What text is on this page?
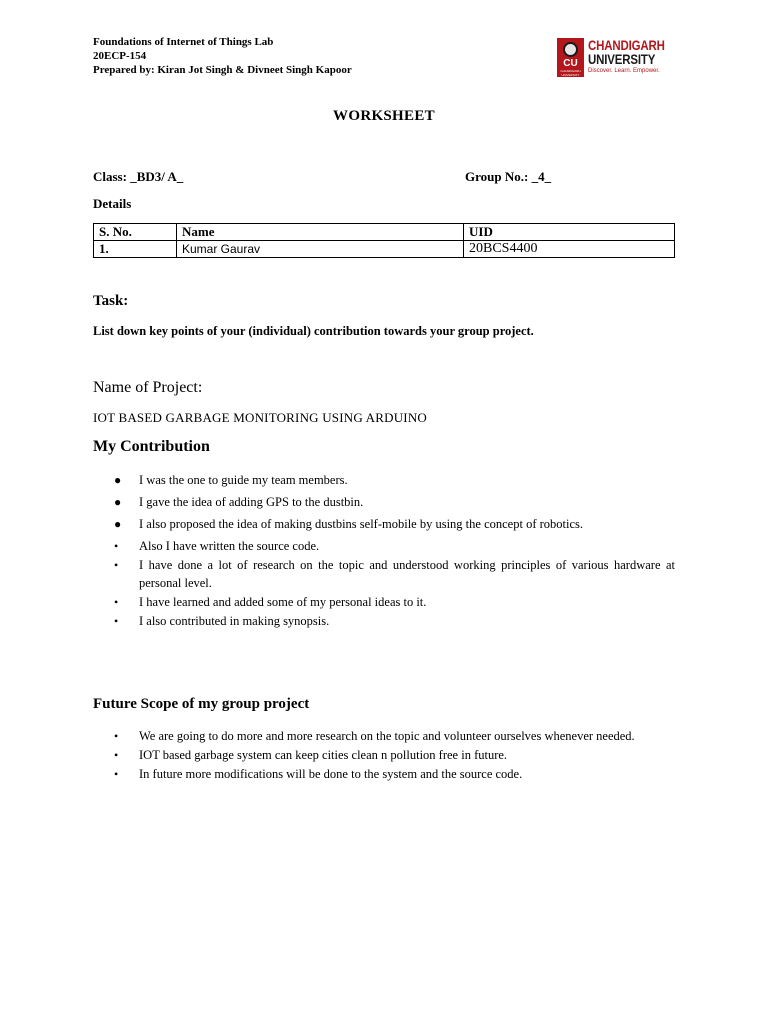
Foundations of Internet of Things Lab
20ECP-154
Prepared by: Kiran Jot Singh & Divneet Singh Kapoor
CU
CHANDIGARH UNIVERSITY
CHANDIGARH
UNIVERSITY
Discover. Learn. Empower.
WORKSHEET
Class: _BD3/ A_	Group No.: _4_
Details
S. No.	Name	UID
1.	Kumar Gaurav	20BCS4400
Task:
List down key points of your (individual) contribution towards your group project.
Name of Project:
IOT BASED GARBAGE MONITORING USING ARDUINO
My Contribution
● I was the one to guide my team members.
● I gave the idea of adding GPS to the dustbin.
● I also proposed the idea of making dustbins self-mobile by using the concept of robotics.
• Also I have written the source code.
• I have done a lot of research on the topic and understood working principles of various hardware at personal level.
• I have learned and added some of my personal ideas to it.
• I also contributed in making synopsis.
Future Scope of my group project
• We are going to do more and more research on the topic and volunteer ourselves whenever needed.
• IOT based garbage system can keep cities clean n pollution free in future.
• In future more modifications will be done to the system and the source code.
